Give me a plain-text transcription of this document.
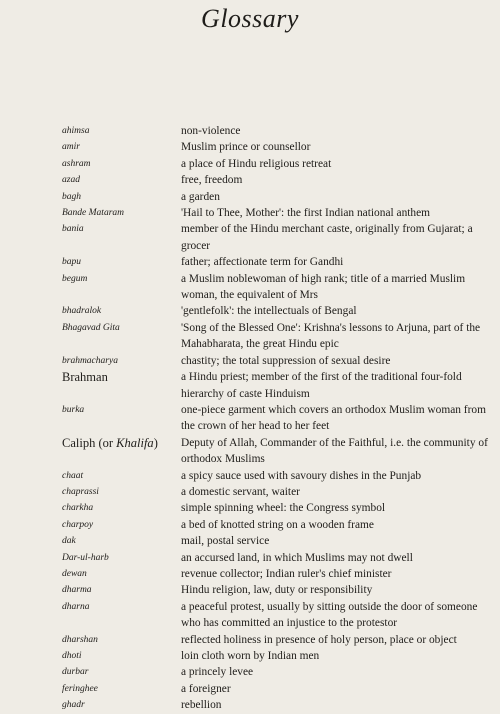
Glossary
ahimsa	non-violence
amir	Muslim prince or counsellor
ashram	a place of Hindu religious retreat
azad	free, freedom
bagh	a garden
Bande Mataram	'Hail to Thee, Mother': the first Indian national anthem
bania	member of the Hindu merchant caste, originally from Gujarat; a
grocer
bapu	father; affectionate term for Gandhi
begum	a Muslim noblewoman of high rank; title of a married Muslim
woman, the equivalent of Mrs
bhadralok	'gentlefolk': the intellectuals of Bengal
Bhagavad Gita	'Song of the Blessed One': Krishna's lessons to Arjuna, part of the
Mahabharata, the great Hindu epic
brahmacharya	chastity; the total suppression of sexual desire
Brahman	a Hindu priest; member of the first of the traditional four-fold
hierarchy of caste Hinduism
burka	one-piece garment which covers an orthodox Muslim woman from
the crown of her head to her feet
Caliph (or Khalifa)	Deputy of Allah, Commander of the Faithful, i.e. the community of
orthodox Muslims
chaat	a spicy sauce used with savoury dishes in the Punjab
chaprassi	a domestic servant, waiter
charkha	simple spinning wheel: the Congress symbol
charpoy	a bed of knotted string on a wooden frame
dak	mail, postal service
Dar-ul-harb	an accursed land, in which Muslims may not dwell
dewan	revenue collector; Indian ruler's chief minister
dharma	Hindu religion, law, duty or responsibility
dharna	a peaceful protest, usually by sitting outside the door of someone
who has committed an injustice to the protestor
dharshan	reflected holiness in presence of holy person, place or object
dhoti	loin cloth worn by Indian men
durbar	a princely levee
feringhee	a foreigner
ghadr	rebellion
